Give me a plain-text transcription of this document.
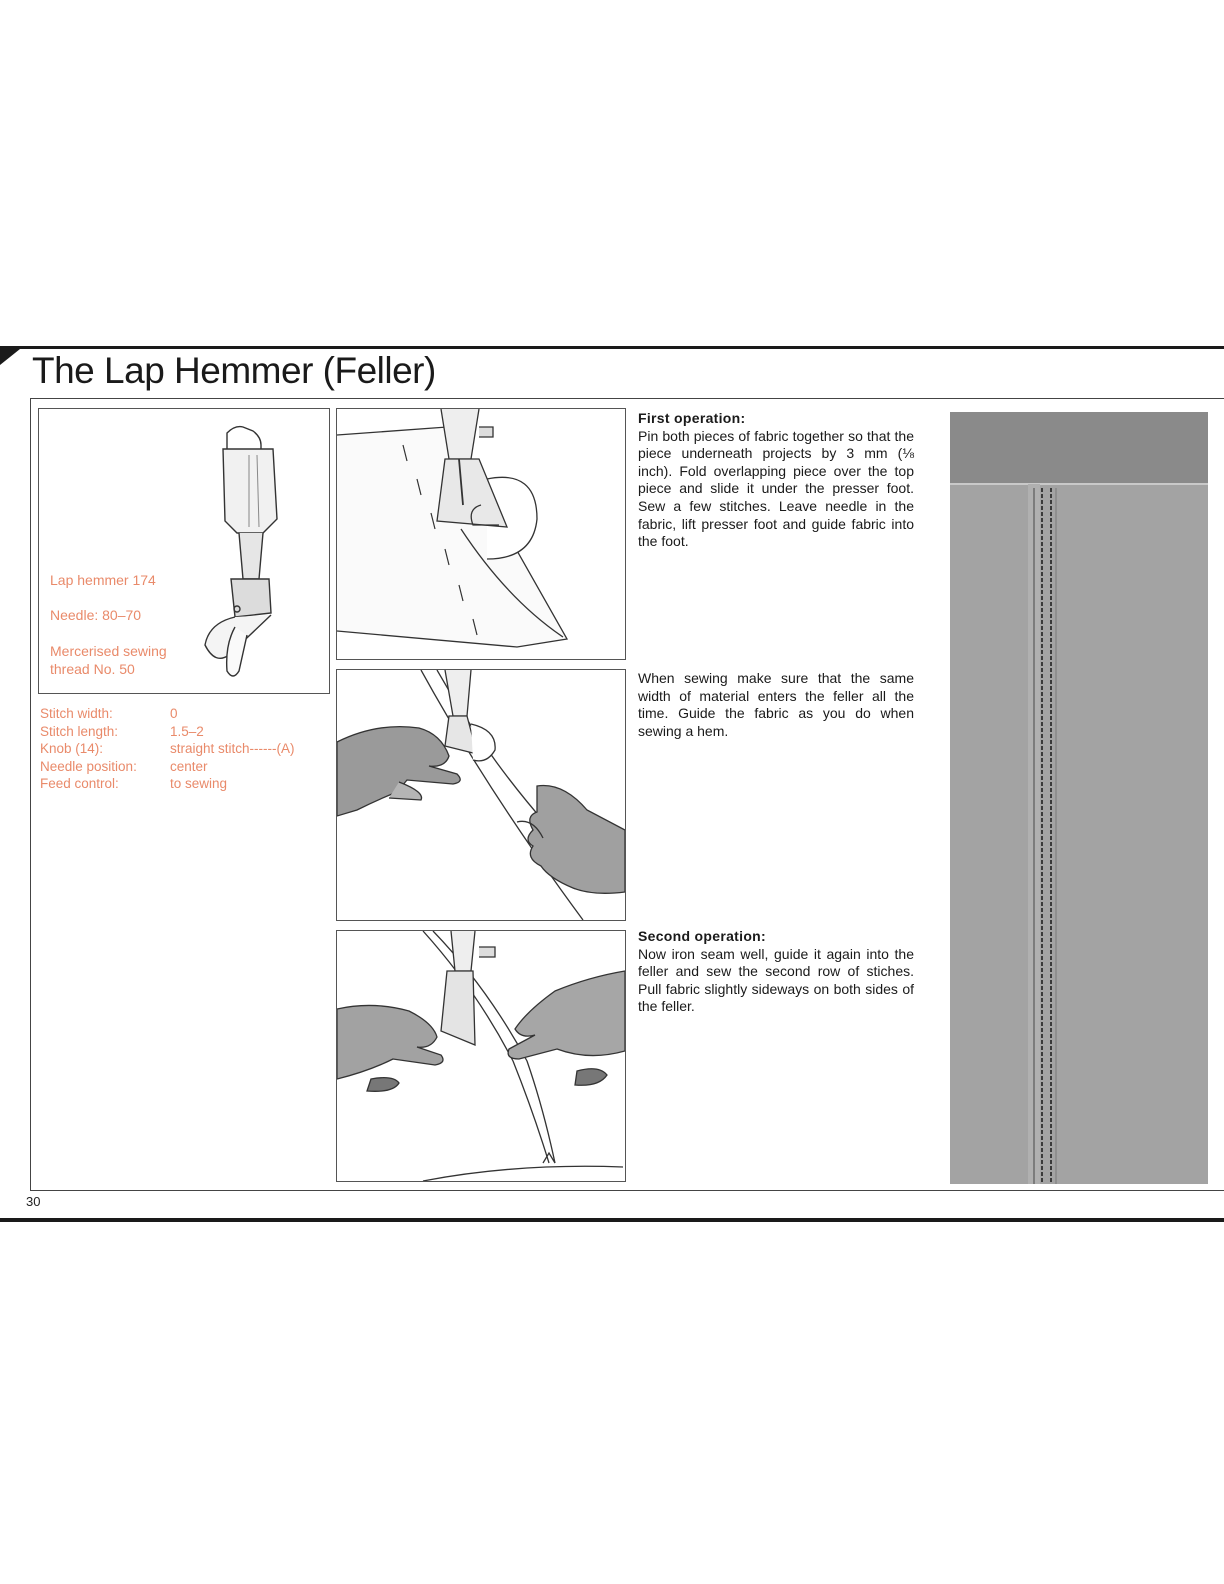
The Lap Hemmer (Feller)
Lap hemmer 174
Needle: 80–70
Mercerised sewing
thread No. 50
Stitch width:	0
Stitch length:	1.5–2
Knob (14):	straight stitch------(A)
Needle position: center
Feed control:	to sewing
First operation:
Pin both pieces of fabric together so that the piece underneath projects by 3 mm (⅛ inch). Fold overlapping piece over the top piece and slide it under the presser foot. Sew a few stitches. Leave needle in the fabric, lift presser foot and guide fabric into the foot.
When sewing make sure that the same width of material enters the feller all the time. Guide the fabric as you do when sewing a hem.
Second operation:
Now iron seam well, guide it again into the feller and sew the second row of stiches. Pull fabric slightly sideways on both sides of the feller.
30
